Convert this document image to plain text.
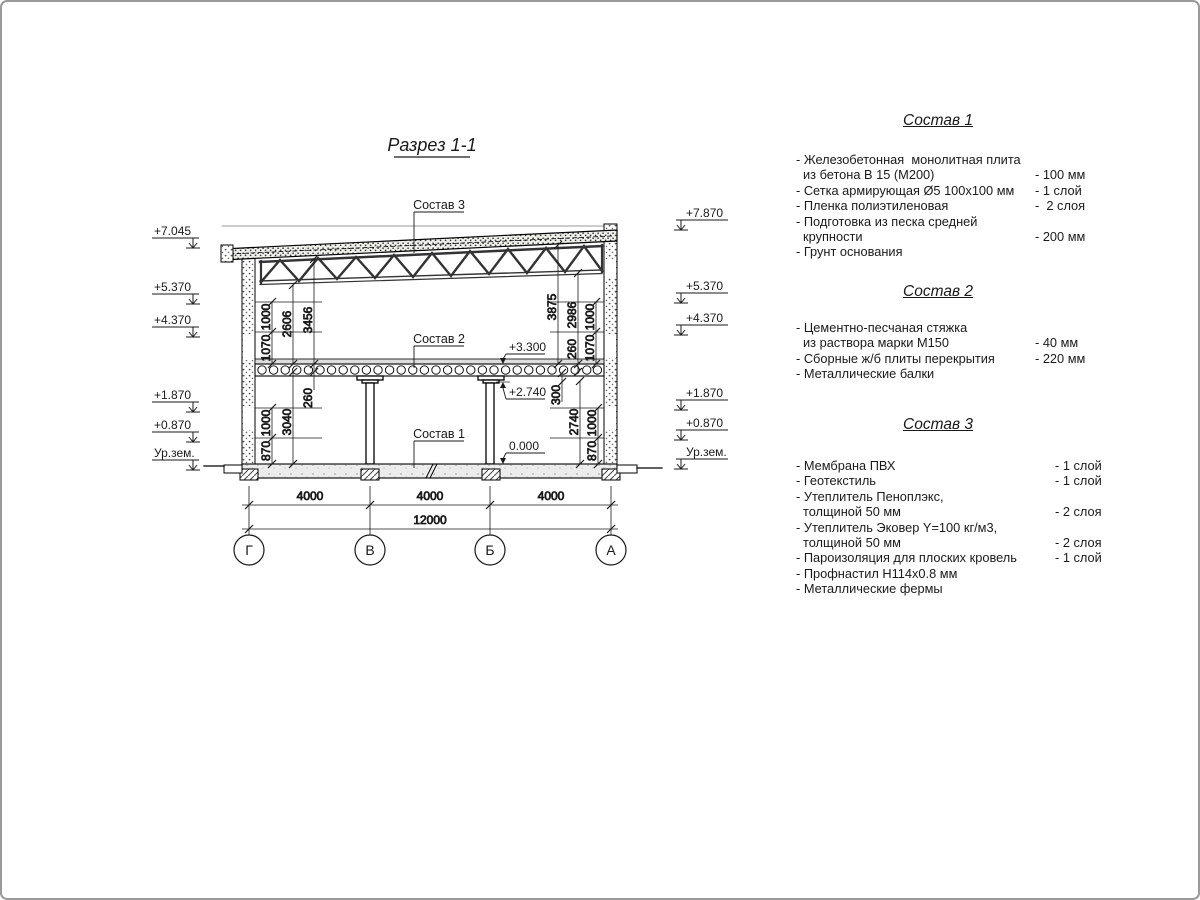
Разрез 1-1
Состав 3
Состав 2
Состав 1
+3.300
+2.740
0.000
+7.045
+5.370
+4.370
+1.870
+0.870
Ур.зем.
+7.870
+5.370
+4.370
+1.870
+0.870
Ур.зем.
1000
1070
2606 3456
1000
870
3040
260
1000
1070
2986
260
3875
300
2740 1000
870
4000	4000	4000
12000
Г	В	Б	А
Состав 1
- Железобетонная  монолитная плита
из бетона В 15 (М200)	- 100 мм
- Сетка армирующая Ø5 100х100 мм - 1 слой
- Пленка полиэтиленовая	-  2 слоя
- Подготовка из песка средней
крупности	- 200 мм
- Грунт основания
Состав 2
- Цементно-песчаная стяжка
из раствора марки М150	- 40 мм
- Сборные ж/б плиты перекрытия	- 220 мм
- Металлические балки
Состав 3
- Мембрана ПВХ	- 1 слой
- Геотекстиль	- 1 слой
- Утеплитель Пеноплэкс,
толщиной 50 мм	- 2 слоя
- Утеплитель Эковер Y=100 кг/м3,
толщиной 50 мм	- 2 слоя
- Пароизоляция для плоских кровель	- 1 слой
- Профнастил Н114х0.8 мм
- Металлические фермы
